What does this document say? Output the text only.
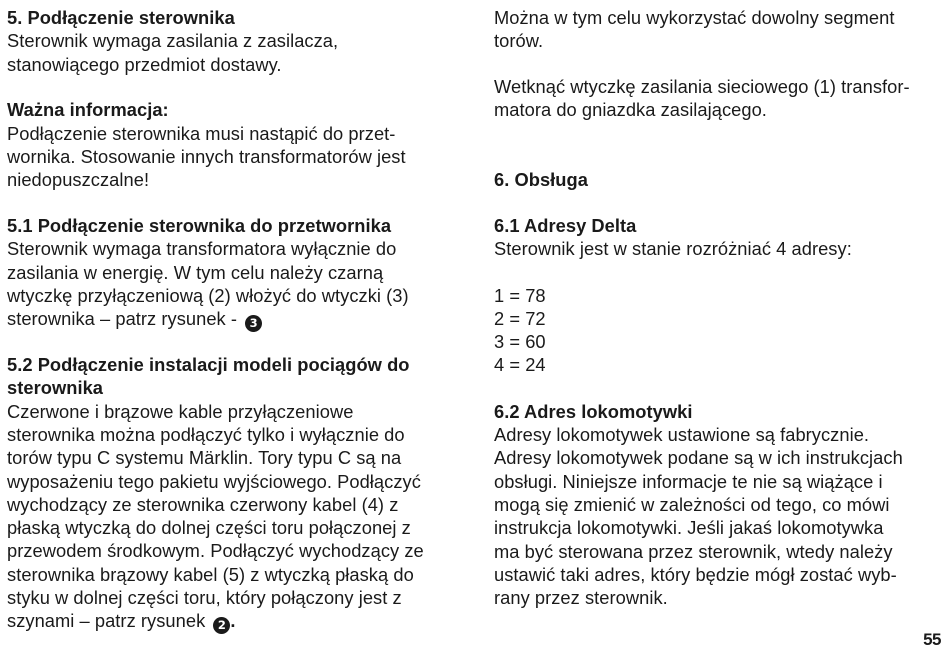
5. Podłączenie sterownika
Sterownik wymaga zasilania z zasilacza,
stanowiącego przedmiot dostawy.
Ważna informacja:
Podłączenie sterownika musi nastąpić do przet-
wornika. Stosowanie innych transformatorów jest
niedopuszczalne!
5.1 Podłączenie sterownika do przetwornika
Sterownik wymaga transformatora wyłącznie do
zasilania w energię. W tym celu należy czarną
wtyczkę przyłączeniową (2) włożyć do wtyczki (3)
sterownika – patrz rysunek - 3
5.2 Podłączenie instalacji modeli pociągów do
sterownika
Czerwone i brązowe kable przyłączeniowe
sterownika można podłączyć tylko i wyłącznie do
torów typu C systemu Märklin. Tory typu C są na
wyposażeniu tego pakietu wyjściowego. Podłączyć
wychodzący ze sterownika czerwony kabel (4) z
płaską wtyczką do dolnej części toru połączonej z
przewodem środkowym. Podłączyć wychodzący ze
sterownika brązowy kabel (5) z wtyczką płaską do
styku w dolnej części toru, który połączony jest z
szynami – patrz rysunek 2 .
Można w tym celu wykorzystać dowolny segment
torów.
Wetknąć wtyczkę zasilania sieciowego (1) transfor-
matora do gniazdka zasilającego.
6. Obsługa
6.1 Adresy Delta
Sterownik jest w stanie rozróżniać 4 adresy:
1 = 78
2 = 72
3 = 60
4 = 24
6.2 Adres lokomotywki
Adresy lokomotywek ustawione są fabrycznie.
Adresy lokomotywek podane są w ich instrukcjach
obsługi. Niniejsze informacje te nie są wiążące i
mogą się zmienić w zależności od tego, co mówi
instrukcja lokomotywki. Jeśli jakaś lokomotywka
ma być sterowana przez sterownik, wtedy należy
ustawić taki adres, który będzie mógł zostać wyb-
rany przez sterownik.
55
